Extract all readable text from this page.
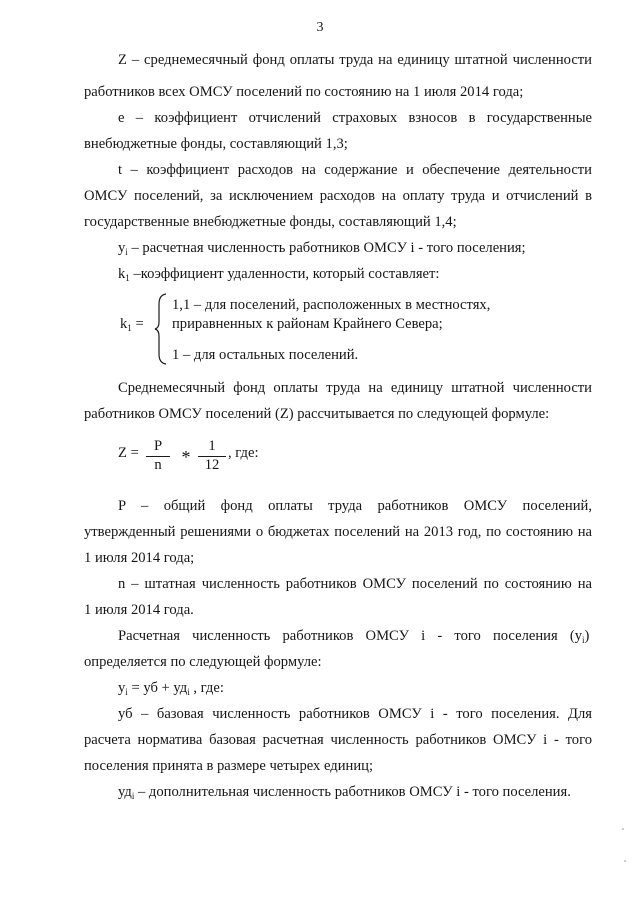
3
Z – среднемесячный фонд оплаты труда на единицу штатной численности
работников всех ОМСУ поселений по состоянию на 1 июля 2014 года;
е – коэффициент отчислений страховых взносов в государственные
внебюджетные фонды, составляющий 1,3;
t – коэффициент расходов на содержание и обеспечение деятельности
ОМСУ поселений, за исключением расходов на оплату труда и отчислений в
государственные внебюджетные фонды, составляющий 1,4;
$y_i$ – расчетная численность работников ОМСУ i - того поселения;
$k_1$ –коэффициент удаленности, который составляет:
$k_1$ =
1,1 – для поселений, расположенных в местностях,
приравненных к районам Крайнего Севера;
1 – для остальных поселений.
Среднемесячный фонд оплаты труда на единицу штатной численности
работников ОМСУ поселений (Z) рассчитывается по следующей формуле:
Z =	P
n	*
1
12
, где:
P – общий фонд оплаты труда работников ОМСУ поселений,
утвержденный решениями о бюджетах поселений на 2013 год, по состоянию на
1 июля 2014 года;
n – штатная численность работников ОМСУ поселений по состоянию на
1 июля 2014 года.
Расчетная численность работников ОМСУ i - того поселения $(y_i)$
определяется по следующей формуле:
$y_i$ = уб + $уд_i$ , где:
уб – базовая численность работников ОМСУ i - того поселения. Для
расчета норматива базовая расчетная численность работников ОМСУ i - того
поселения принята в размере четырех единиц;
$уд_i$ – дополнительная численность работников ОМСУ i - того поселения.
